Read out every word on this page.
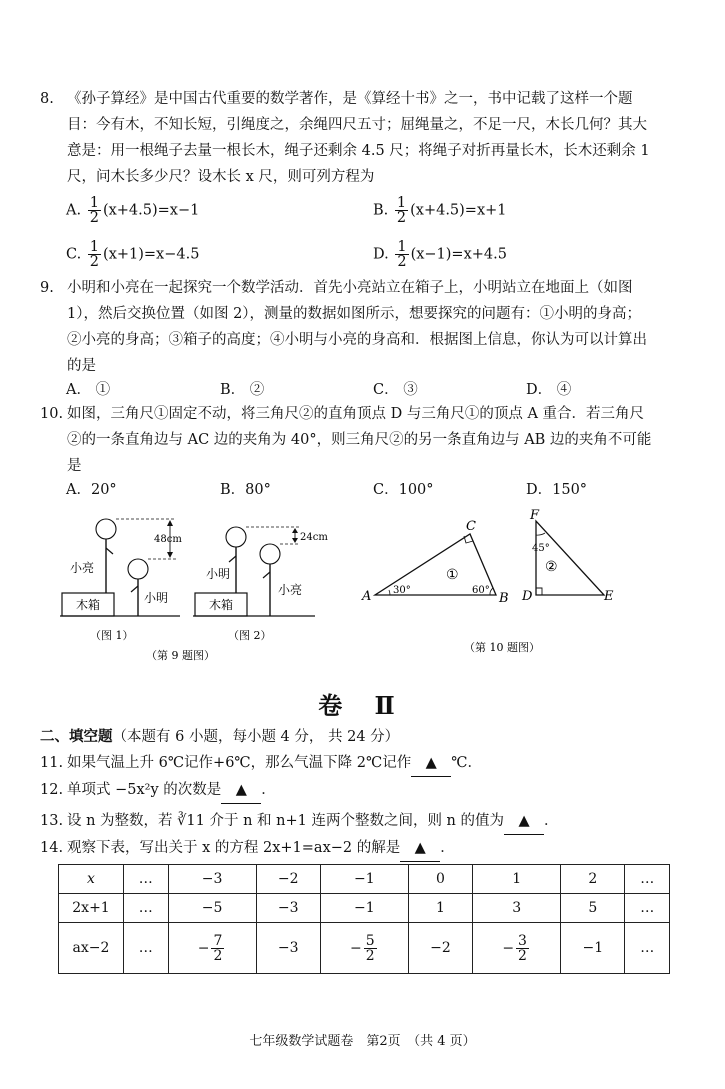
8. 《孙子算经》是中国古代重要的数学著作，是《算经十书》之一，书中记载了这样一个题目：今有木，不知长短，引绳度之，余绳四尺五寸；屈绳量之，不足一尺，木长几何？其大意是：用一根绳子去量一根长木，绳子还剩余 4.5 尺；将绳子对折再量长木，长木还剩余 1 尺，问木长多少尺？设木长 x 尺，则可列方程为
A. $\frac{1}{2} (x+4.5)=x-1$	B. $\frac{1}{2} (x+4.5)=x+1$
C. $\frac{1}{2} (x+1)=x-4.5$	D. $\frac{1}{2} (x-1)=x+4.5$
9. 小明和小亮在一起探究一个数学活动．首先小亮站立在箱子上，小明站立在地面上（如图 1），然后交换位置（如图 2），测量的数据如图所示，想要探究的问题有：①小明的身高；②小亮的身高；③箱子的高度；④小明与小亮的身高和．根据图上信息，你认为可以计算出的是
A． ①	B． ②	C． ③	D． ④
10. 如图，三角尺①固定不动，将三角尺②的直角顶点 D 与三角尺①的顶点 A 重合．若三角尺②的一条直角边与 AC 边的夹角为 40°，则三角尺②的另一条直角边与 AB 边的夹角不可能是
A．20°	B．80°	C．100°	D．150°
木箱
48cm
小亮
小明
（图 1）
木箱
24cm
小明
小亮
（图 2）
（第 9 题图）
A	B
C
①
30°	60°
F
D	E
②
45°
（第 10 题图）
卷 Ⅱ
二、填空题（本题有 6 小题，每小题 4 分， 共 24 分）
11. 如果气温上升 6℃记作+6℃，那么气温下降 2℃记作 ▲ ℃．
12. 单项式 −5x²y 的次数是 ▲ ．
13. 设 n 为整数，若 ∛11 介于 n 和 n+1 连两个整数之间，则 n 的值为 ▲ ．
14. 观察下表，写出关于 x 的方程 2x+1=ax−2 的解是 ▲ ．
x	…	−3	−2	−1	0	1	2	…
2x+1	…	−5	−3	−1	1	3	5	…
ax−2	…	− $\frac{7}{2}$	−3	− $\frac{5}{2}$	−2	− $\frac{3}{2}$	−1	…
七年级数学试题卷　第2页　（共 4 页）
